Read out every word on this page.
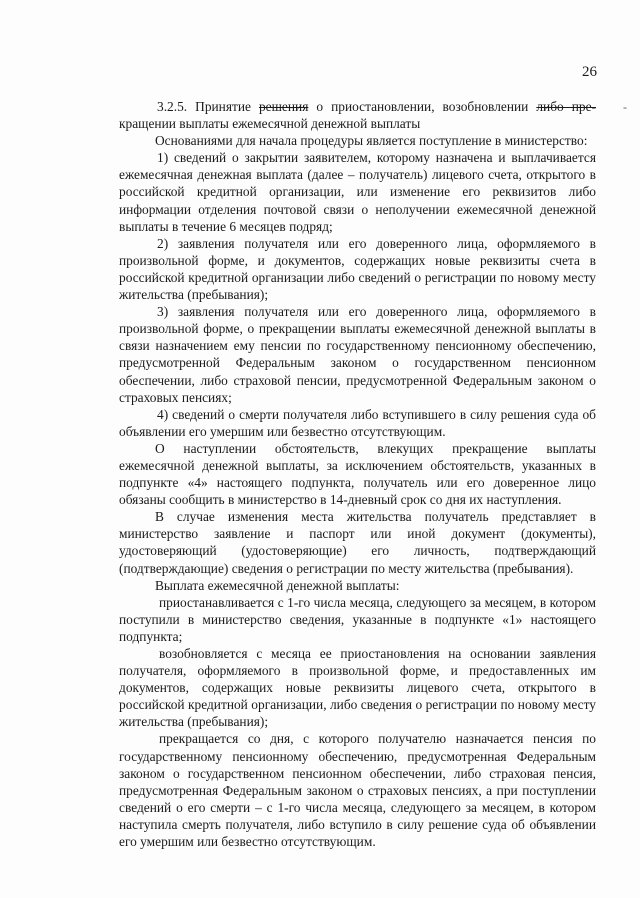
26
-

3.2.5. Принятие решения о приостановлении, возобновлении либо пре-кращении выплаты ежемесячной денежной выплаты

Основаниями для начала процедуры является поступление в министерство:

1) сведений о закрытии заявителем, которому назначена и выплачивается ежемесячная денежная выплата (далее – получатель) лицевого счета, открытого в российской кредитной организации, или изменение его реквизитов либо информации отделения почтовой связи о неполучении ежемесячной денежной выплаты в течение 6 месяцев подряд;

2) заявления получателя или его доверенного лица, оформляемого в произвольной форме, и документов, содержащих новые реквизиты счета в российской кредитной организации либо сведений о регистрации по новому месту жительства (пребывания);

3) заявления получателя или его доверенного лица, оформляемого в произвольной форме, о прекращении выплаты ежемесячной денежной выплаты в связи назначением ему пенсии по государственному пенсионному обеспечению, предусмотренной Федеральным законом о государственном пенсионном обеспечении, либо страховой пенсии, предусмотренной Федеральным законом о страховых пенсиях;

4) сведений о смерти получателя либо вступившего в силу решения суда об объявлении его умершим или безвестно отсутствующим.

О наступлении обстоятельств, влекущих прекращение выплаты ежемесячной денежной выплаты, за исключением обстоятельств, указанных в подпункте «4» настоящего подпункта, получатель или его доверенное лицо обязаны сообщить в министерство в 14-дневный срок со дня их наступления.

В случае изменения места жительства получатель представляет в министерство заявление и паспорт или иной документ (документы), удостоверяющий (удостоверяющие) его личность, подтверждающий (подтверждающие) сведения о регистрации по месту жительства (пребывания).

Выплата ежемесячной денежной выплаты:

приостанавливается с 1-го числа месяца, следующего за месяцем, в котором поступили в министерство сведения, указанные в подпункте «1» настоящего подпункта;

возобновляется с месяца ее приостановления на основании заявления получателя, оформляемого в произвольной форме, и предоставленных им документов, содержащих новые реквизиты лицевого счета, открытого в российской кредитной организации, либо сведения о регистрации по новому месту жительства (пребывания);

прекращается со дня, с которого получателю назначается пенсия по государственному пенсионному обеспечению, предусмотренная Федеральным законом о государственном пенсионном обеспечении, либо страховая пенсия, предусмотренная Федеральным законом о страховых пенсиях, а при поступлении сведений о его смерти – с 1-го числа месяца, следующего за месяцем, в котором наступила смерть получателя, либо вступило в силу решение суда об объявлении его умершим или безвестно отсутствующим.
